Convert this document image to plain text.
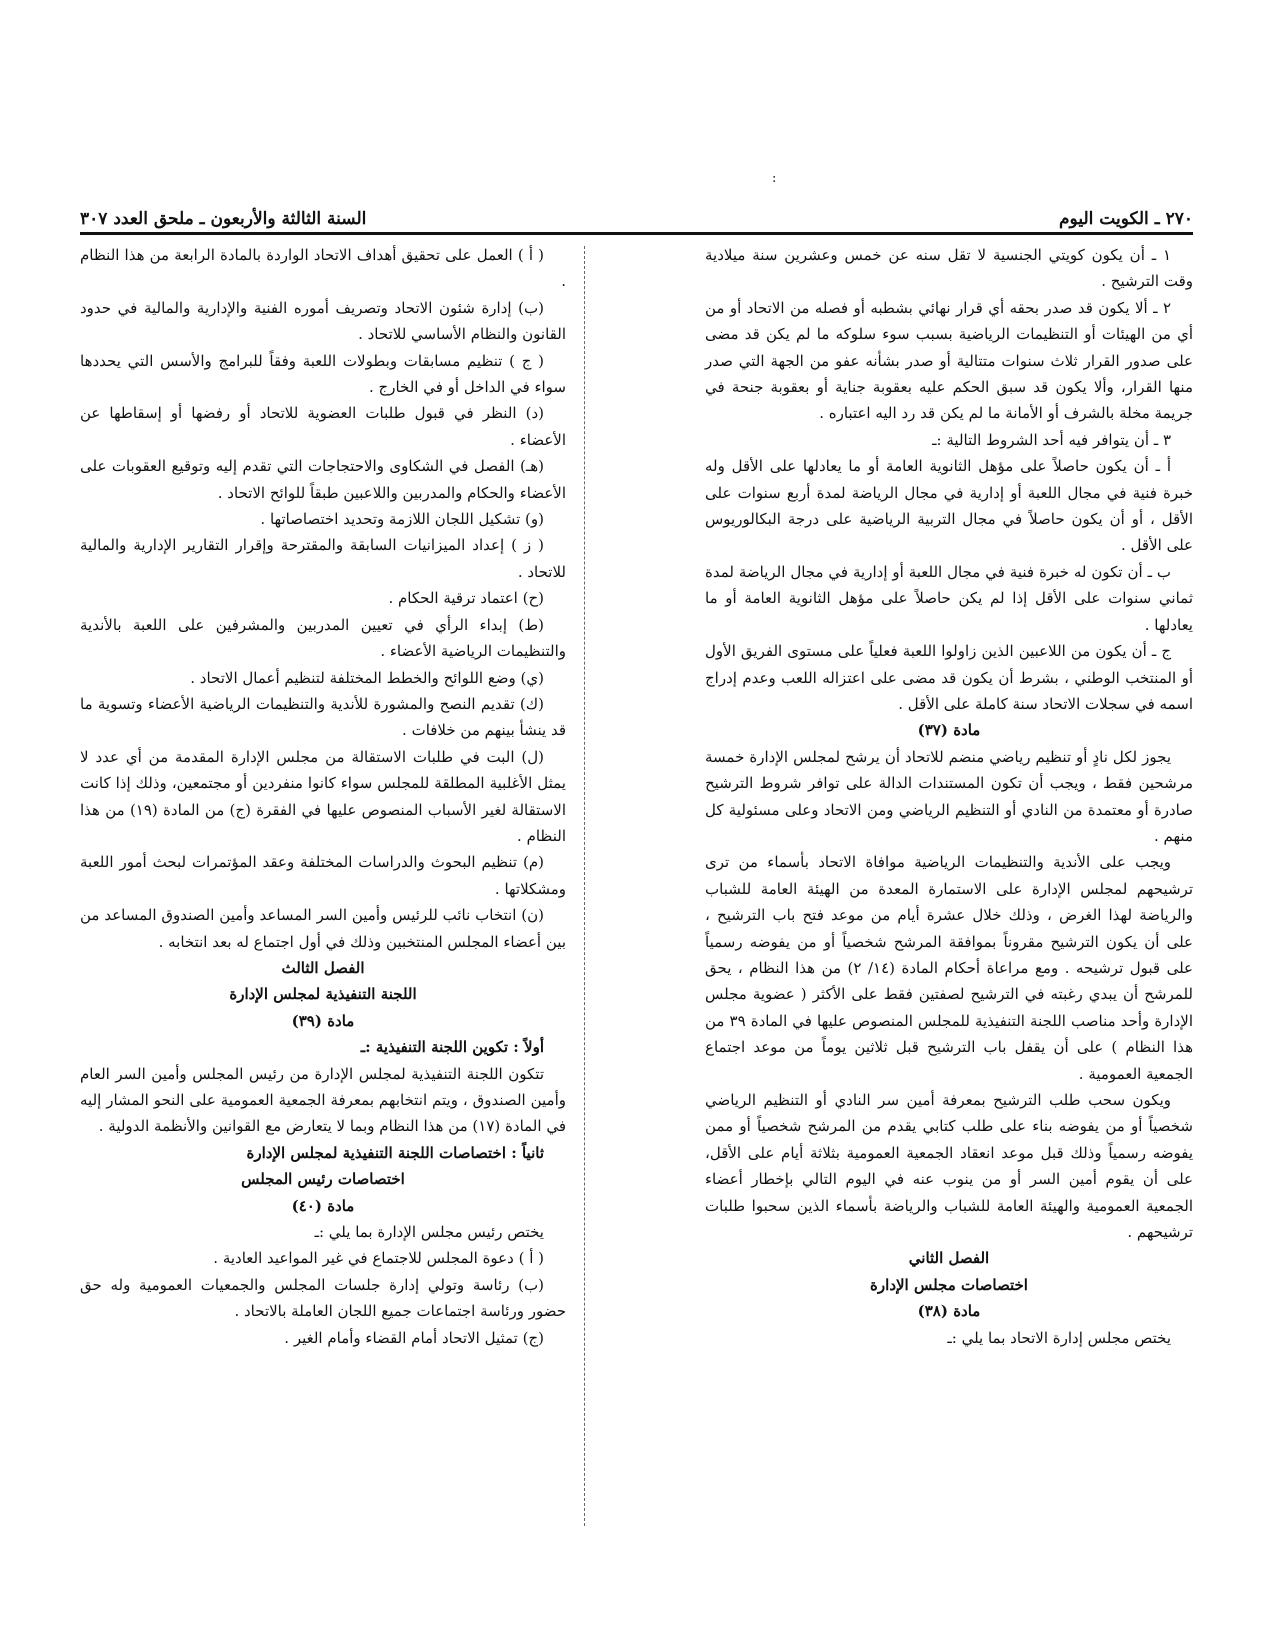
:
٢٧٠ ـ الكويت اليوم
السنة الثالثة والأربعون ـ ملحق العدد ٣٠٧

١ ـ أن يكون كويتي الجنسية لا تقل سنه عن خمس وعشرين سنة ميلادية وقت الترشيح .

٢ ـ ألا يكون قد صدر بحقه أي قرار نهائي بشطبه أو فصله من الاتحاد أو من أي من الهيئات أو التنظيمات الرياضية بسبب سوء سلوكه ما لم يكن قد مضى على صدور القرار ثلاث سنوات متتالية أو صدر بشأنه عفو من الجهة التي صدر منها القرار، وألا يكون قد سبق الحكم عليه بعقوبة جناية أو بعقوبة جنحة في جريمة مخلة بالشرف أو الأمانة ما لم يكن قد رد اليه اعتباره .

٣ ـ أن يتوافر فيه أحد الشروط التالية :ـ

أ ـ أن يكون حاصلاً على مؤهل الثانوية العامة أو ما يعادلها على الأقل وله خبرة فنية في مجال اللعبة أو إدارية في مجال الرياضة لمدة أربع سنوات على الأقل ، أو أن يكون حاصلاً في مجال التربية الرياضية على درجة البكالوريوس على الأقل .

ب ـ أن تكون له خبرة فنية في مجال اللعبة أو إدارية في مجال الرياضة لمدة ثماني سنوات على الأقل إذا لم يكن حاصلاً على مؤهل الثانوية العامة أو ما يعادلها .

ج ـ أن يكون من اللاعبين الذين زاولوا اللعبة فعلياً على مستوى الفريق الأول أو المنتخب الوطني ، بشرط أن يكون قد مضى على اعتزاله اللعب وعدم إدراج اسمه في سجلات الاتحاد سنة كاملة على الأقل .

مادة (٣٧)

يجوز لكل نادٍ أو تنظيم رياضي منضم للاتحاد أن يرشح لمجلس الإدارة خمسة مرشحين فقط ، ويجب أن تكون المستندات الدالة على توافر شروط الترشيح صادرة أو معتمدة من النادي أو التنظيم الرياضي ومن الاتحاد وعلى مسئولية كل منهم .

ويجب على الأندية والتنظيمات الرياضية موافاة الاتحاد بأسماء من ترى ترشيحهم لمجلس الإدارة على الاستمارة المعدة من الهيئة العامة للشباب والرياضة لهذا الغرض ، وذلك خلال عشرة أيام من موعد فتح باب الترشيح ، على أن يكون الترشيح مقروناً بموافقة المرشح شخصياً أو من يفوضه رسمياً على قبول ترشيحه . ومع مراعاة أحكام المادة (١٤/ ٢) من هذا النظام ، يحق للمرشح أن يبدي رغبته في الترشيح لصفتين فقط على الأكثر ( عضوية مجلس الإدارة وأحد مناصب اللجنة التنفيذية للمجلس المنصوص عليها في المادة ٣٩ من هذا النظام ) على أن يقفل باب الترشيح قبل ثلاثين يوماً من موعد اجتماع الجمعية العمومية .

ويكون سحب طلب الترشيح بمعرفة أمين سر النادي أو التنظيم الرياضي شخصياً أو من يفوضه بناء على طلب كتابي يقدم من المرشح شخصياً أو ممن يفوضه رسمياً وذلك قبل موعد انعقاد الجمعية العمومية بثلاثة أيام على الأقل، على أن يقوم أمين السر أو من ينوب عنه في اليوم التالي بإخطار أعضاء الجمعية العمومية والهيئة العامة للشباب والرياضة بأسماء الذين سحبوا طلبات ترشيحهم .

الفصل الثاني

اختصاصات مجلس الإدارة

مادة (٣٨)

يختص مجلس إدارة الاتحاد بما يلي :ـ

( أ ) العمل على تحقيق أهداف الاتحاد الواردة بالمادة الرابعة من هذا النظام .

(ب) إدارة شئون الاتحاد وتصريف أموره الفنية والإدارية والمالية في حدود القانون والنظام الأساسي للاتحاد .

( ج ) تنظيم مسابقات وبطولات اللعبة وفقاً للبرامج والأسس التي يحددها سواء في الداخل أو في الخارج .

(د) النظر في قبول طلبات العضوية للاتحاد أو رفضها أو إسقاطها عن الأعضاء .

(هـ) الفصل في الشكاوى والاحتجاجات التي تقدم إليه وتوقيع العقوبات على الأعضاء والحكام والمدربين واللاعبين طبقاً للوائح الاتحاد .

(و) تشكيل اللجان اللازمة وتحديد اختصاصاتها .

( ز ) إعداد الميزانيات السابقة والمقترحة وإقرار التقارير الإدارية والمالية للاتحاد .

(ح) اعتماد ترقية الحكام .

(ط) إبداء الرأي في تعيين المدربين والمشرفين على اللعبة بالأندية والتنظيمات الرياضية الأعضاء .

(ي) وضع اللوائح والخطط المختلفة لتنظيم أعمال الاتحاد .

(ك) تقديم النصح والمشورة للأندية والتنظيمات الرياضية الأعضاء وتسوية ما قد ينشأ بينهم من خلافات .

(ل) البت في طلبات الاستقالة من مجلس الإدارة المقدمة من أي عدد لا يمثل الأغلبية المطلقة للمجلس سواء كانوا منفردين أو مجتمعين، وذلك إذا كانت الاستقالة لغير الأسباب المنصوص عليها في الفقرة (ج) من المادة (١٩) من هذا النظام .

(م) تنظيم البحوث والدراسات المختلفة وعقد المؤتمرات لبحث أمور اللعبة ومشكلاتها .

(ن) انتخاب نائب للرئيس وأمين السر المساعد وأمين الصندوق المساعد من بين أعضاء المجلس المنتخبين وذلك في أول اجتماع له بعد انتخابه .

الفصل الثالث

اللجنة التنفيذية لمجلس الإدارة

مادة (٣٩)

أولاً : تكوين اللجنة التنفيذية :ـ

تتكون اللجنة التنفيذية لمجلس الإدارة من رئيس المجلس وأمين السر العام وأمين الصندوق ، ويتم انتخابهم بمعرفة الجمعية العمومية على النحو المشار إليه في المادة (١٧) من هذا النظام وبما لا يتعارض مع القوانين والأنظمة الدولية .

ثانياً : اختصاصات اللجنة التنفيذية لمجلس الإدارة

اختصاصات رئيس المجلس

مادة (٤٠)

يختص رئيس مجلس الإدارة بما يلي :ـ

( أ ) دعوة المجلس للاجتماع في غير المواعيد العادية .

(ب) رئاسة وتولي إدارة جلسات المجلس والجمعيات العمومية وله حق حضور ورئاسة اجتماعات جميع اللجان العاملة بالاتحاد .

(ج) تمثيل الاتحاد أمام القضاء وأمام الغير .
